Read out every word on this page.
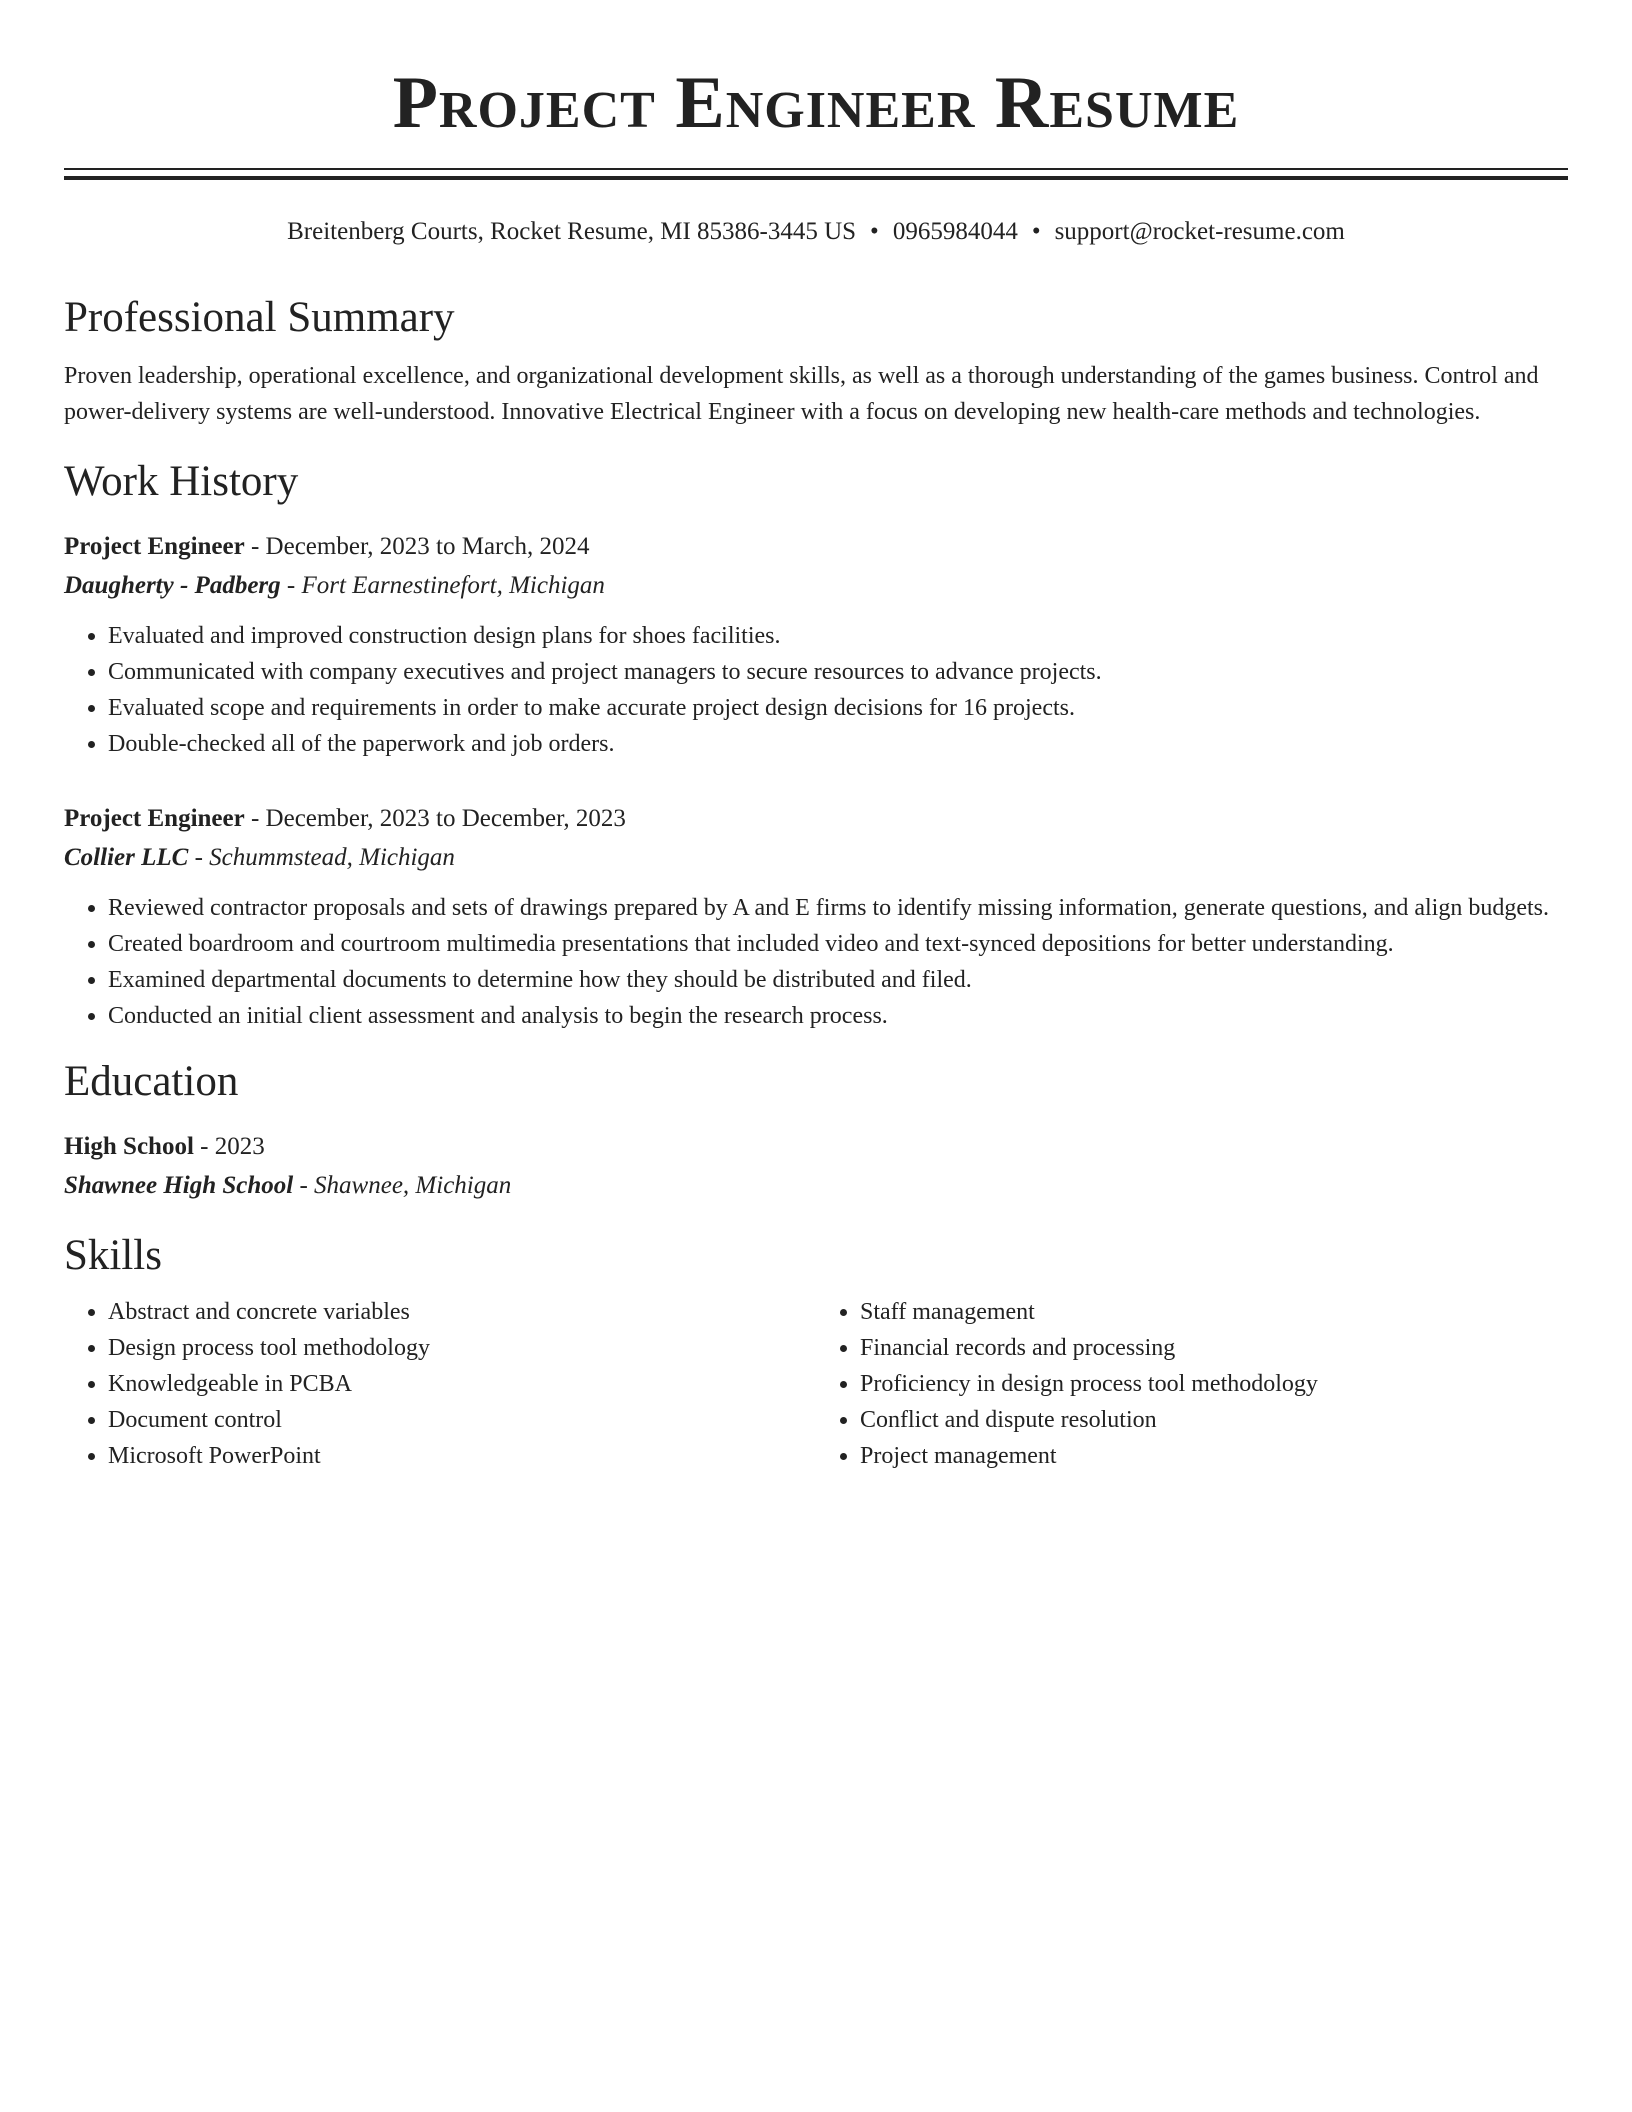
Project Engineer Resume
Breitenberg Courts, Rocket Resume, MI 85386-3445 US • 0965984044 • support@rocket-resume.com
Professional Summary
Proven leadership, operational excellence, and organizational development skills, as well as a thorough understanding of the games business. Control and power-delivery systems are well-understood. Innovative Electrical Engineer with a focus on developing new health-care methods and technologies.
Work History
Project Engineer - December, 2023 to March, 2024
Daugherty - Padberg - Fort Earnestinefort, Michigan
• Evaluated and improved construction design plans for shoes facilities.
• Communicated with company executives and project managers to secure resources to advance projects.
• Evaluated scope and requirements in order to make accurate project design decisions for 16 projects.
• Double-checked all of the paperwork and job orders.
Project Engineer - December, 2023 to December, 2023
Collier LLC - Schummstead, Michigan
• Reviewed contractor proposals and sets of drawings prepared by A and E firms to identify missing information, generate questions, and align budgets.
• Created boardroom and courtroom multimedia presentations that included video and text-synced depositions for better understanding.
• Examined departmental documents to determine how they should be distributed and filed.
• Conducted an initial client assessment and analysis to begin the research process.
Education
High School - 2023
Shawnee High School - Shawnee, Michigan
Skills
• Abstract and concrete variables
• Design process tool methodology
• Knowledgeable in PCBA
• Document control
• Microsoft PowerPoint
• Staff management
• Financial records and processing
• Proficiency in design process tool methodology
• Conflict and dispute resolution
• Project management
